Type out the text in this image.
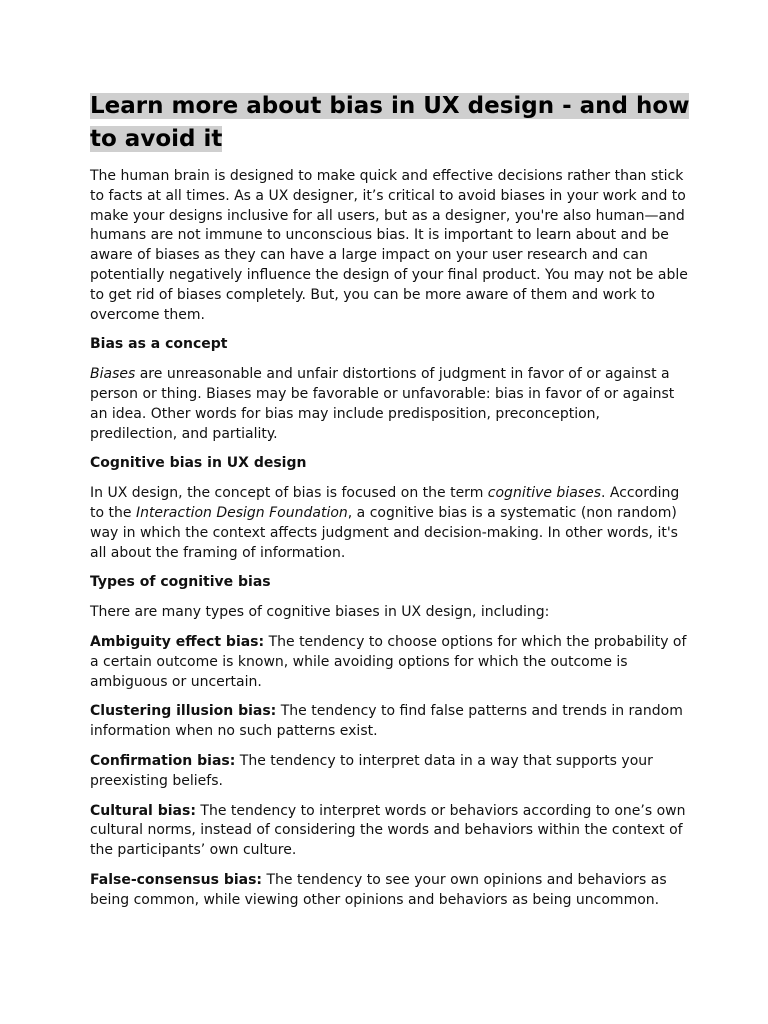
Learn more about bias in UX design - and how to avoid it

The human brain is designed to make quick and effective decisions rather than stick to facts at all times. As a UX designer, it’s critical to avoid biases in your work and to make your designs inclusive for all users, but as a designer, you're also human—and humans are not immune to unconscious bias. It is important to learn about and be aware of biases as they can have a large impact on your user research and can potentially negatively influence the design of your final product. You may not be able to get rid of biases completely. But, you can be more aware of them and work to overcome them.

Bias as a concept

Biases are unreasonable and unfair distortions of judgment in favor of or against a person or thing. Biases may be favorable or unfavorable: bias in favor of or against an idea. Other words for bias may include predisposition, preconception, predilection, and partiality.

Cognitive bias in UX design

In UX design, the concept of bias is focused on the term cognitive biases. According to the Interaction Design Foundation, a cognitive bias is a systematic (non random) way in which the context affects judgment and decision-making. In other words, it's all about the framing of information.

Types of cognitive bias

There are many types of cognitive biases in UX design, including:

Ambiguity effect bias: The tendency to choose options for which the probability of a certain outcome is known, while avoiding options for which the outcome is ambiguous or uncertain.

Clustering illusion bias: The tendency to find false patterns and trends in random information when no such patterns exist.

Confirmation bias: The tendency to interpret data in a way that supports your preexisting beliefs.

Cultural bias: The tendency to interpret words or behaviors according to one’s own cultural norms, instead of considering the words and behaviors within the context of the participants’ own culture.

False-consensus bias: The tendency to see your own opinions and behaviors as being common, while viewing other opinions and behaviors as being uncommon.
